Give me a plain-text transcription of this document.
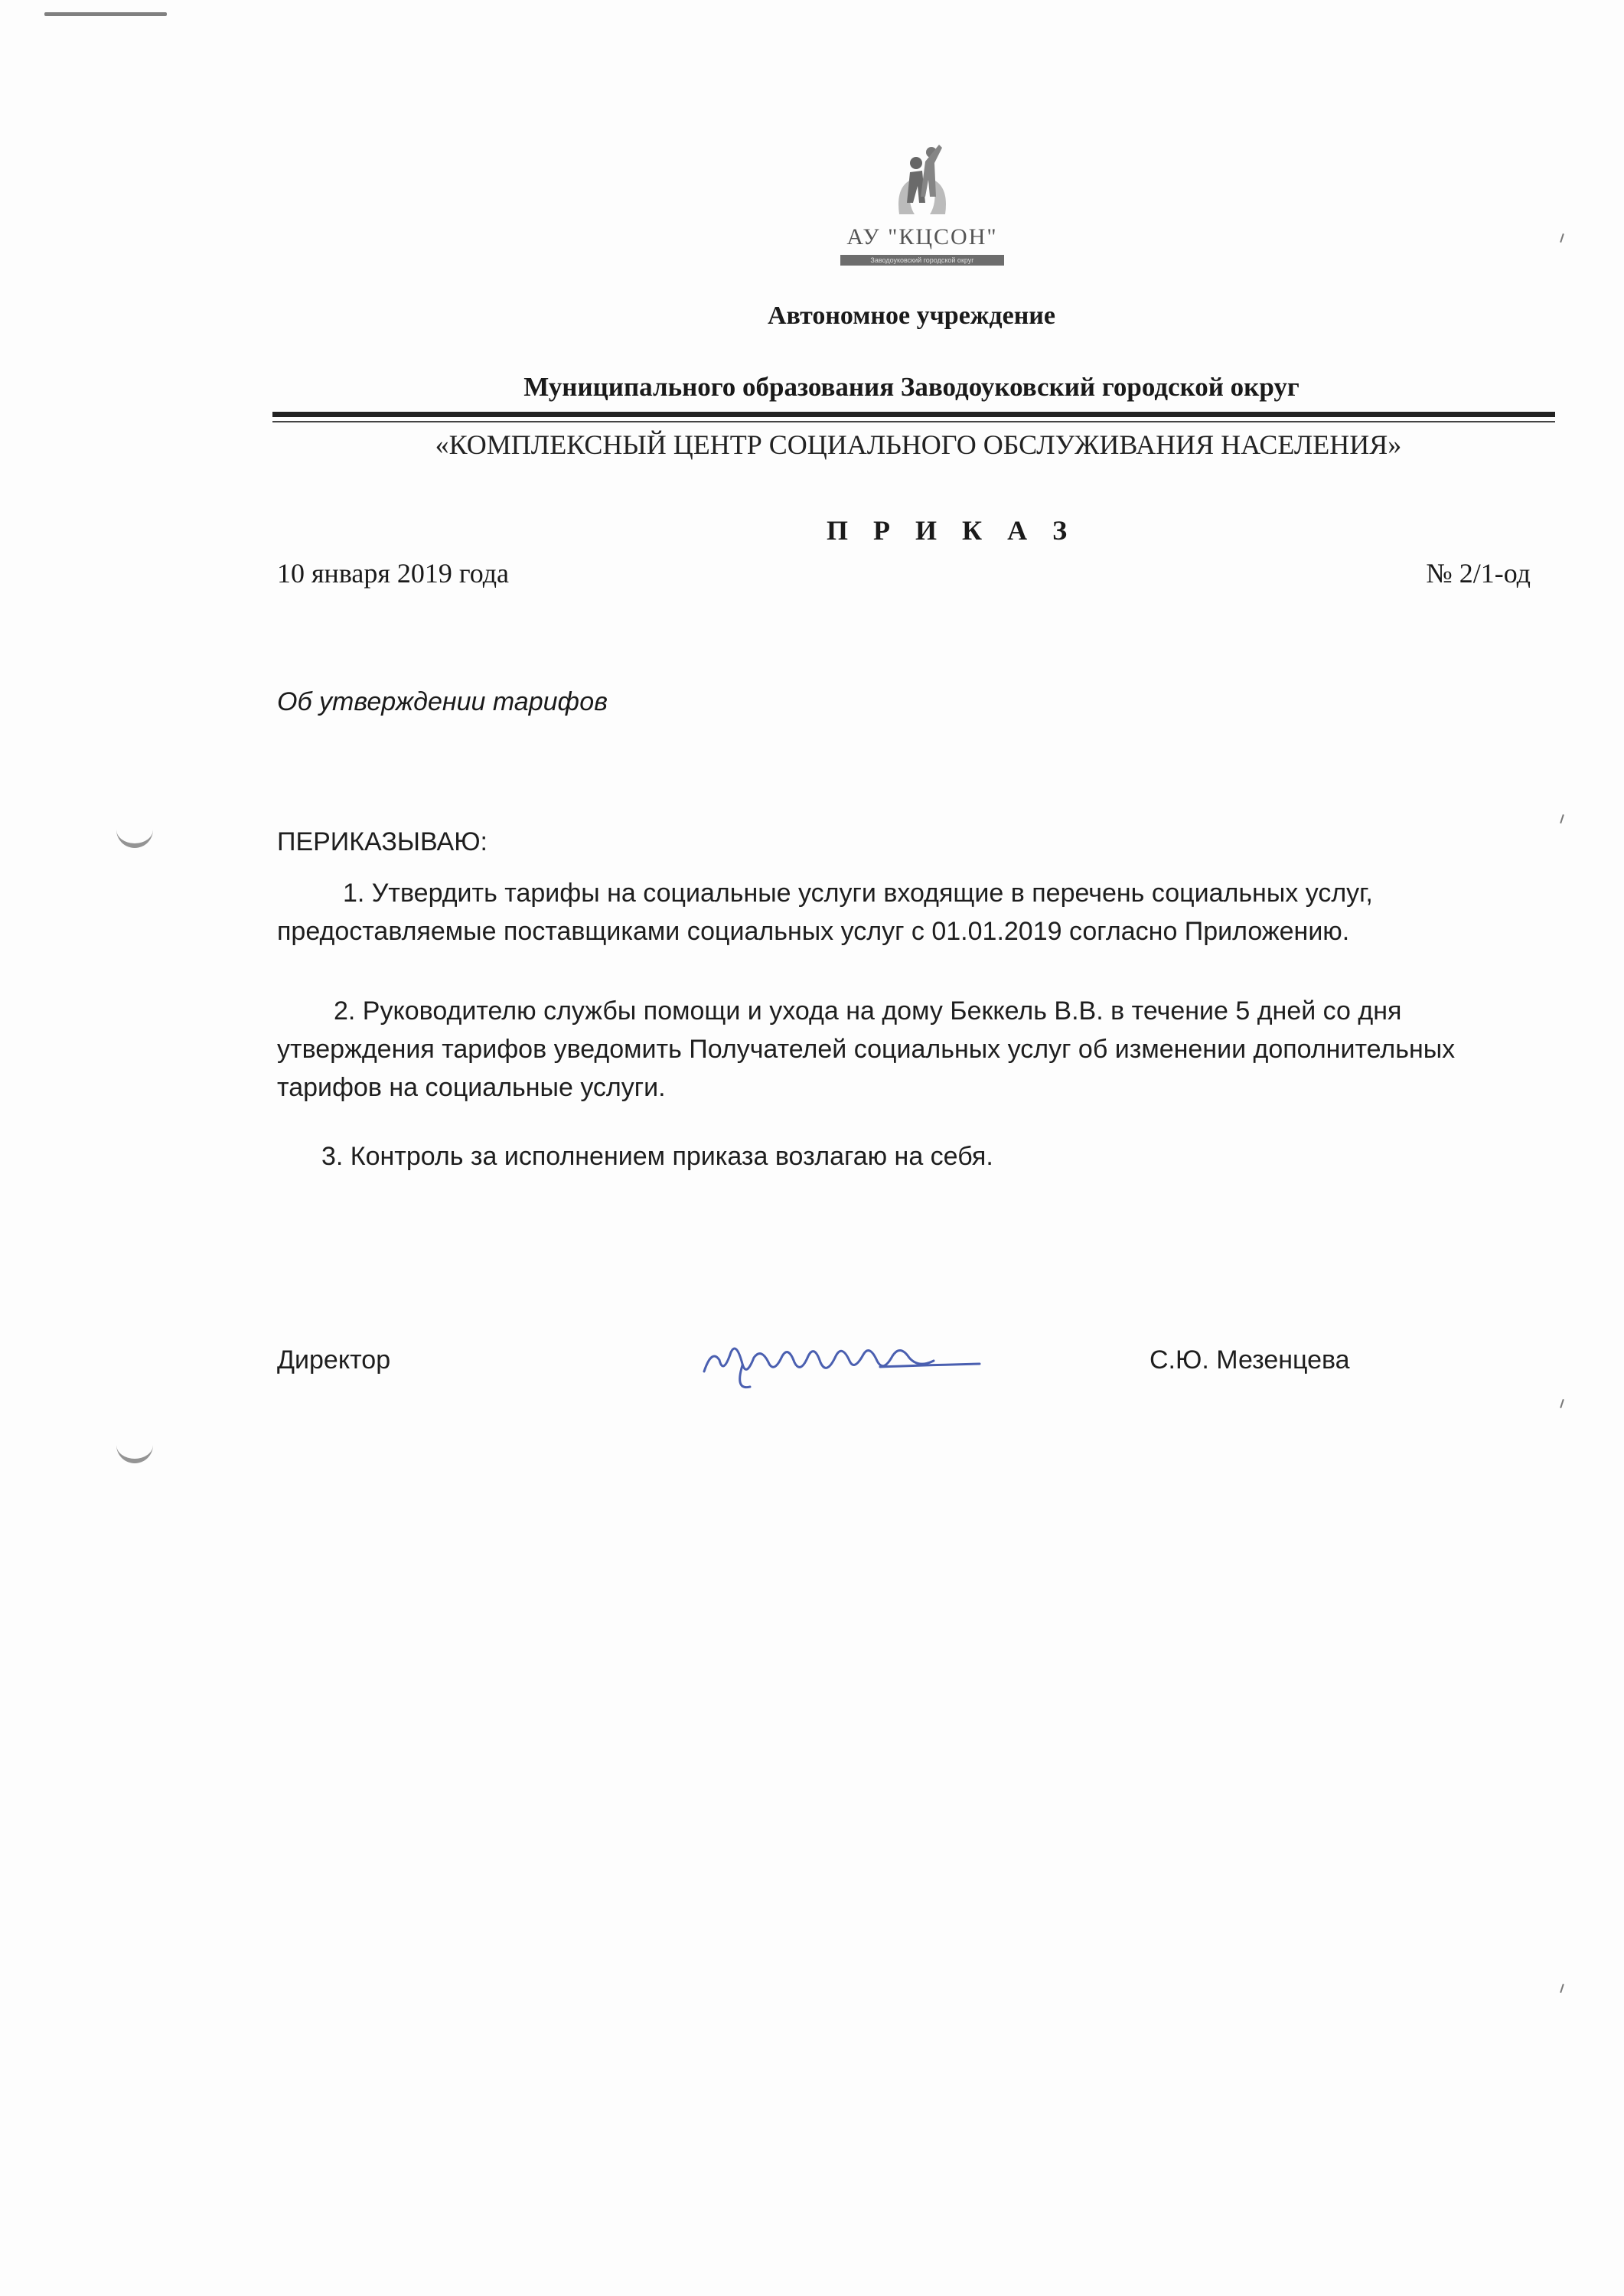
АУ "КЦСОН"
Заводоуковский городской округ
Автономное учреждение
Муниципального образования Заводоуковский городской округ
«КОМПЛЕКСНЫЙ ЦЕНТР СОЦИАЛЬНОГО ОБСЛУЖИВАНИЯ НАСЕЛЕНИЯ»
П Р И К А З
10 января 2019 года	№ 2/1-од
Об утверждении тарифов
ПЕРИКАЗЫВАЮ:

1. Утвердить тарифы на социальные услуги входящие в перечень социальных услуг, предоставляемые поставщиками социальных услуг с 01.01.2019 согласно Приложению.

2. Руководителю службы помощи и ухода на дому Беккель В.В. в течение 5 дней со дня утверждения тарифов уведомить Получателей социальных услуг об изменении дополнительных тарифов на социальные услуги.

3. Контроль за исполнением приказа возлагаю на себя.

Директор	С.Ю. Мезенцева
